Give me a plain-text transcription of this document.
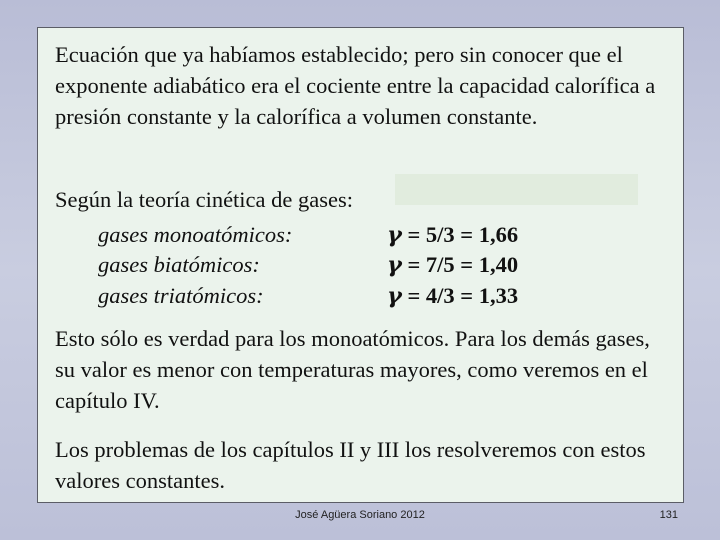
Ecuación que ya habíamos establecido; pero sin conocer que el exponente adiabático era el cociente entre la capacidad calorífica a presión constante y la calorífica a volumen constante.

Según la teoría cinética de gases:

gases monoatómicos:	γ = 5/3 = 1,66
gases biatómicos:	γ = 7/5 = 1,40
gases triatómicos:	γ = 4/3 = 1,33

Esto sólo es verdad para los monoatómicos. Para los demás gases, su valor es menor con temperaturas mayores, como veremos en el capítulo IV.

Los problemas de los capítulos II y III los resolveremos con estos valores constantes.

José Agüera Soriano 2012	131
